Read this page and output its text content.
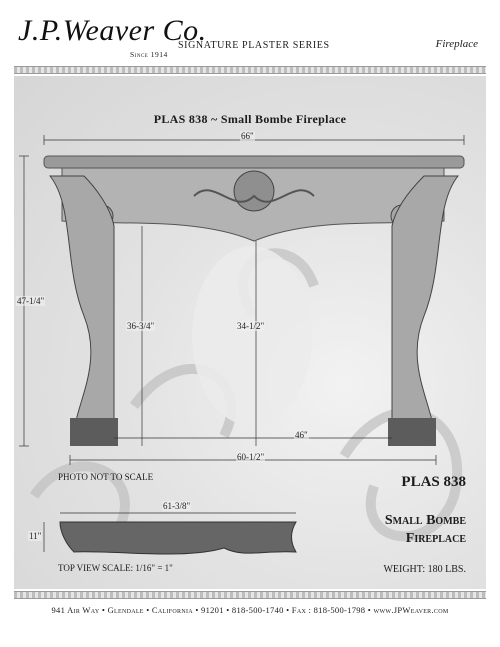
J.P.Weaver Co.
Since 1914
SIGNATURE PLASTER SERIES	Fireplace
PLAS 838 ~ Small Bombe Fireplace
66"
47-1/4"
36-3/4"	34-1/2"
46"
60-1/2"
61-3/8"
11"
PHOTO NOT TO SCALE
TOP VIEW SCALE: 1/16" = 1"
PLAS 838
Small Bombe
Fireplace
WEIGHT: 180 LBS.
941 Air Way • Glendale • California • 91201 • 818-500-1740 • Fax : 818-500-1798 • www.JPWeaver.com
